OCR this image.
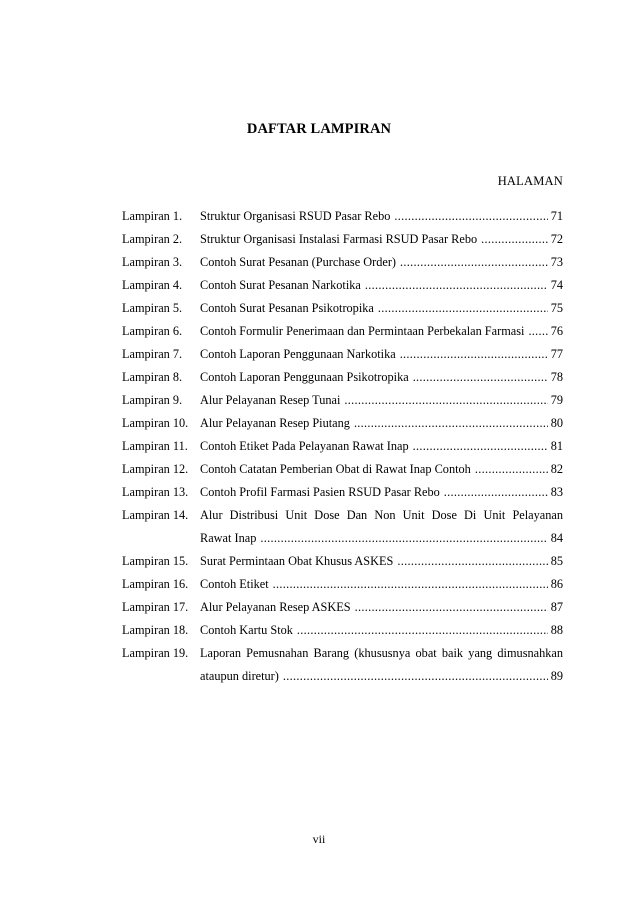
DAFTAR LAMPIRAN
HALAMAN
Lampiran 1.	Struktur Organisasi RSUD Pasar Rebo .....	71
Lampiran 2.	Struktur Organisasi Instalasi Farmasi RSUD Pasar Rebo .....	72
Lampiran 3.	Contoh Surat Pesanan (Purchase Order) .....	73
Lampiran 4.	Contoh Surat Pesanan Narkotika .....	74
Lampiran 5.	Contoh Surat Pesanan Psikotropika .....	75
Lampiran 6.	Contoh Formulir Penerimaan dan Permintaan Perbekalan Farmasi .....	76
Lampiran 7.	Contoh Laporan Penggunaan Narkotika .....	77
Lampiran 8.	Contoh Laporan Penggunaan Psikotropika .....	78
Lampiran 9.	Alur Pelayanan Resep Tunai .....	79
Lampiran 10. Alur Pelayanan Resep Piutang .....	80
Lampiran 11. Contoh Etiket Pada Pelayanan Rawat Inap .....	81
Lampiran 12. Contoh Catatan Pemberian Obat di Rawat Inap Contoh .....	82
Lampiran 13. Contoh Profil Farmasi Pasien RSUD Pasar Rebo .....	83
Lampiran 14. Alur Distribusi Unit Dose Dan Non Unit Dose Di Unit Pelayanan
Rawat Inap .....	84
Lampiran 15. Surat Permintaan Obat Khusus ASKES .....	85
Lampiran 16. Contoh Etiket .....	86
Lampiran 17. Alur Pelayanan Resep ASKES .....	87
Lampiran 18. Contoh Kartu Stok .....	88
Lampiran 19. Laporan Pemusnahan Barang (khususnya obat baik yang dimusnahkan
ataupun diretur) .....	89
vii
